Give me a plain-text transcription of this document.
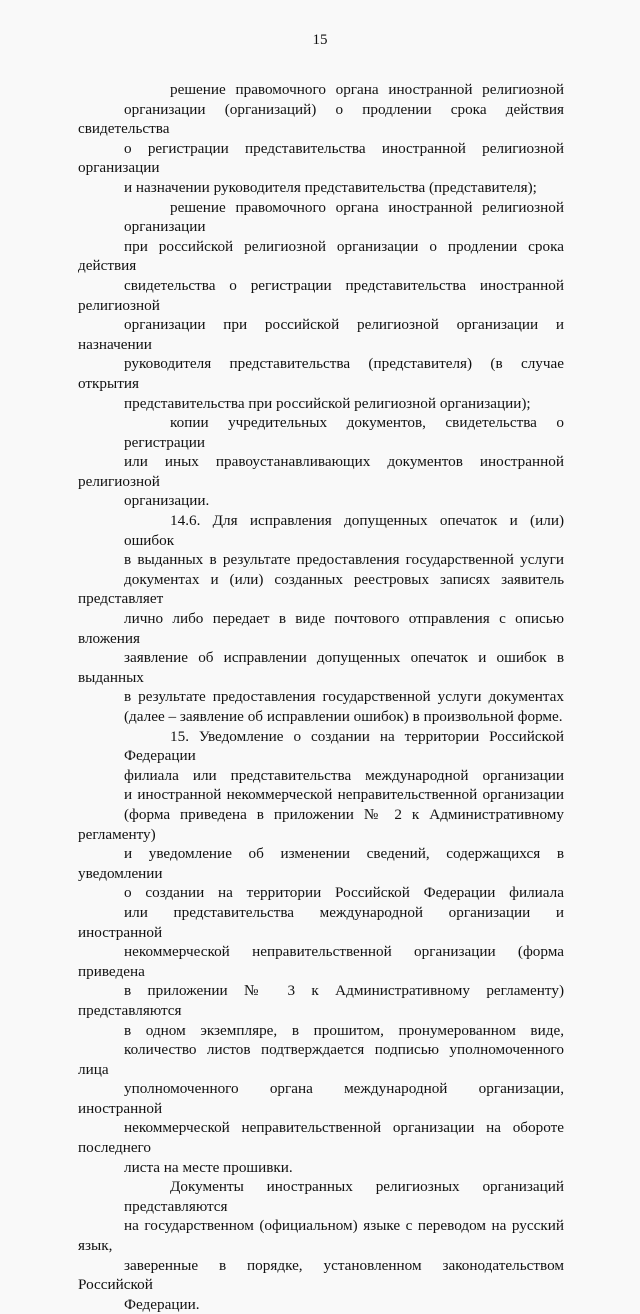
15
решение правомочного органа иностранной религиозной
организации (организаций) о продлении срока действия свидетельства
о регистрации представительства иностранной религиозной организации
и назначении руководителя представительства (представителя);
решение правомочного органа иностранной религиозной организации
при российской религиозной организации о продлении срока действия
свидетельства о регистрации представительства иностранной религиозной
организации при российской религиозной организации и назначении
руководителя представительства (представителя) (в случае открытия
представительства при российской религиозной организации);
копии учредительных документов, свидетельства о регистрации
или иных правоустанавливающих документов иностранной религиозной
организации.
14.6. Для исправления допущенных опечаток и (или) ошибок
в выданных в результате предоставления государственной услуги
документах и (или) созданных реестровых записях заявитель представляет
лично либо передает в виде почтового отправления с описью вложения
заявление об исправлении допущенных опечаток и ошибок в выданных
в результате предоставления государственной услуги документах
(далее – заявление об исправлении ошибок) в произвольной форме.
15. Уведомление о создании на территории Российской Федерации
филиала или представительства международной организации
и иностранной некоммерческой неправительственной организации
(форма приведена в приложении № 2 к Административному регламенту)
и уведомление об изменении сведений, содержащихся в уведомлении
о создании на территории Российской Федерации филиала
или представительства международной организации и иностранной
некоммерческой неправительственной организации (форма приведена
в приложении № 3 к Административному регламенту) представляются
в одном экземпляре, в прошитом, пронумерованном виде,
количество листов подтверждается подписью уполномоченного лица
уполномоченного органа международной организации, иностранной
некоммерческой неправительственной организации на обороте последнего
листа на месте прошивки.
Документы иностранных религиозных организаций представляются
на государственном (официальном) языке с переводом на русский язык,
заверенные в порядке, установленном законодательством Российской
Федерации.
